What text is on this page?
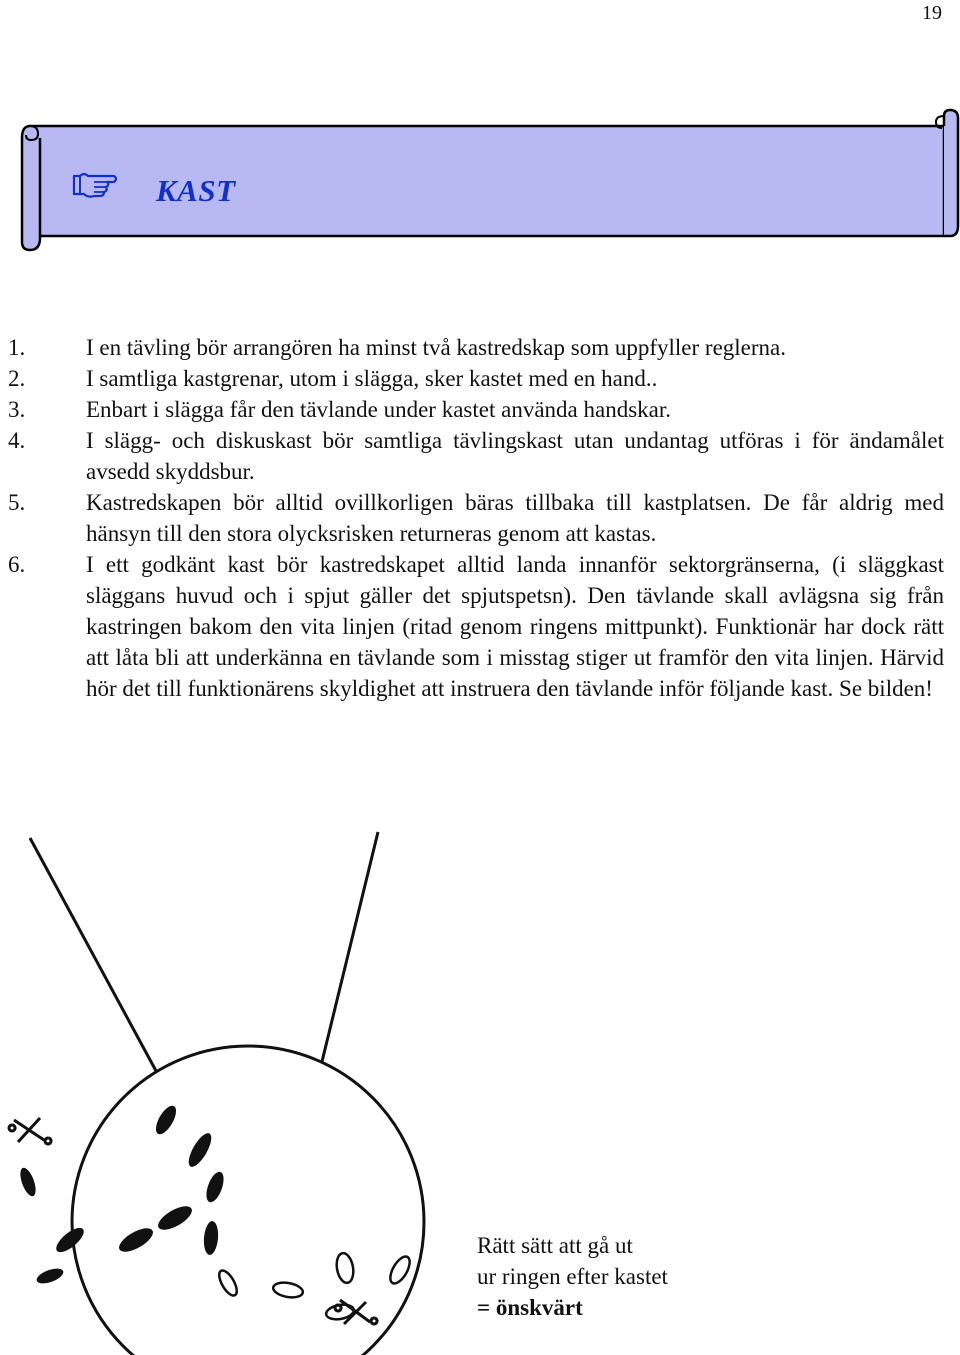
19
KAST
1.	I en tävling bör arrangören ha minst två kastredskap som uppfyller reglerna.
2.	I samtliga kastgrenar, utom i slägga, sker kastet med en hand..
3.	Enbart i slägga får den tävlande under kastet använda handskar.
4.	I slägg- och diskuskast bör samtliga tävlingskast utan undantag utföras i för ändamålet avsedd skyddsbur.
5.	Kastredskapen bör alltid ovillkorligen bäras tillbaka till kastplatsen. De får aldrig med hänsyn till den stora olycksrisken returneras genom att kastas.
6.	I ett godkänt kast bör kastredskapet alltid landa innanför sektorgränserna, (i släggkast släggans huvud och i spjut gäller det spjutspetsn). Den tävlande skall avlägsna sig från kastringen bakom den vita linjen (ritad genom ringens mittpunkt). Funktionär har dock rätt att låta bli att underkänna en tävlande som i misstag stiger ut framför den vita linjen. Härvid hör det till funktionärens skyldighet att instruera den tävlande inför följande kast. Se bilden!
Rätt sätt att gå ut
ur ringen efter kastet
= önskvärt
